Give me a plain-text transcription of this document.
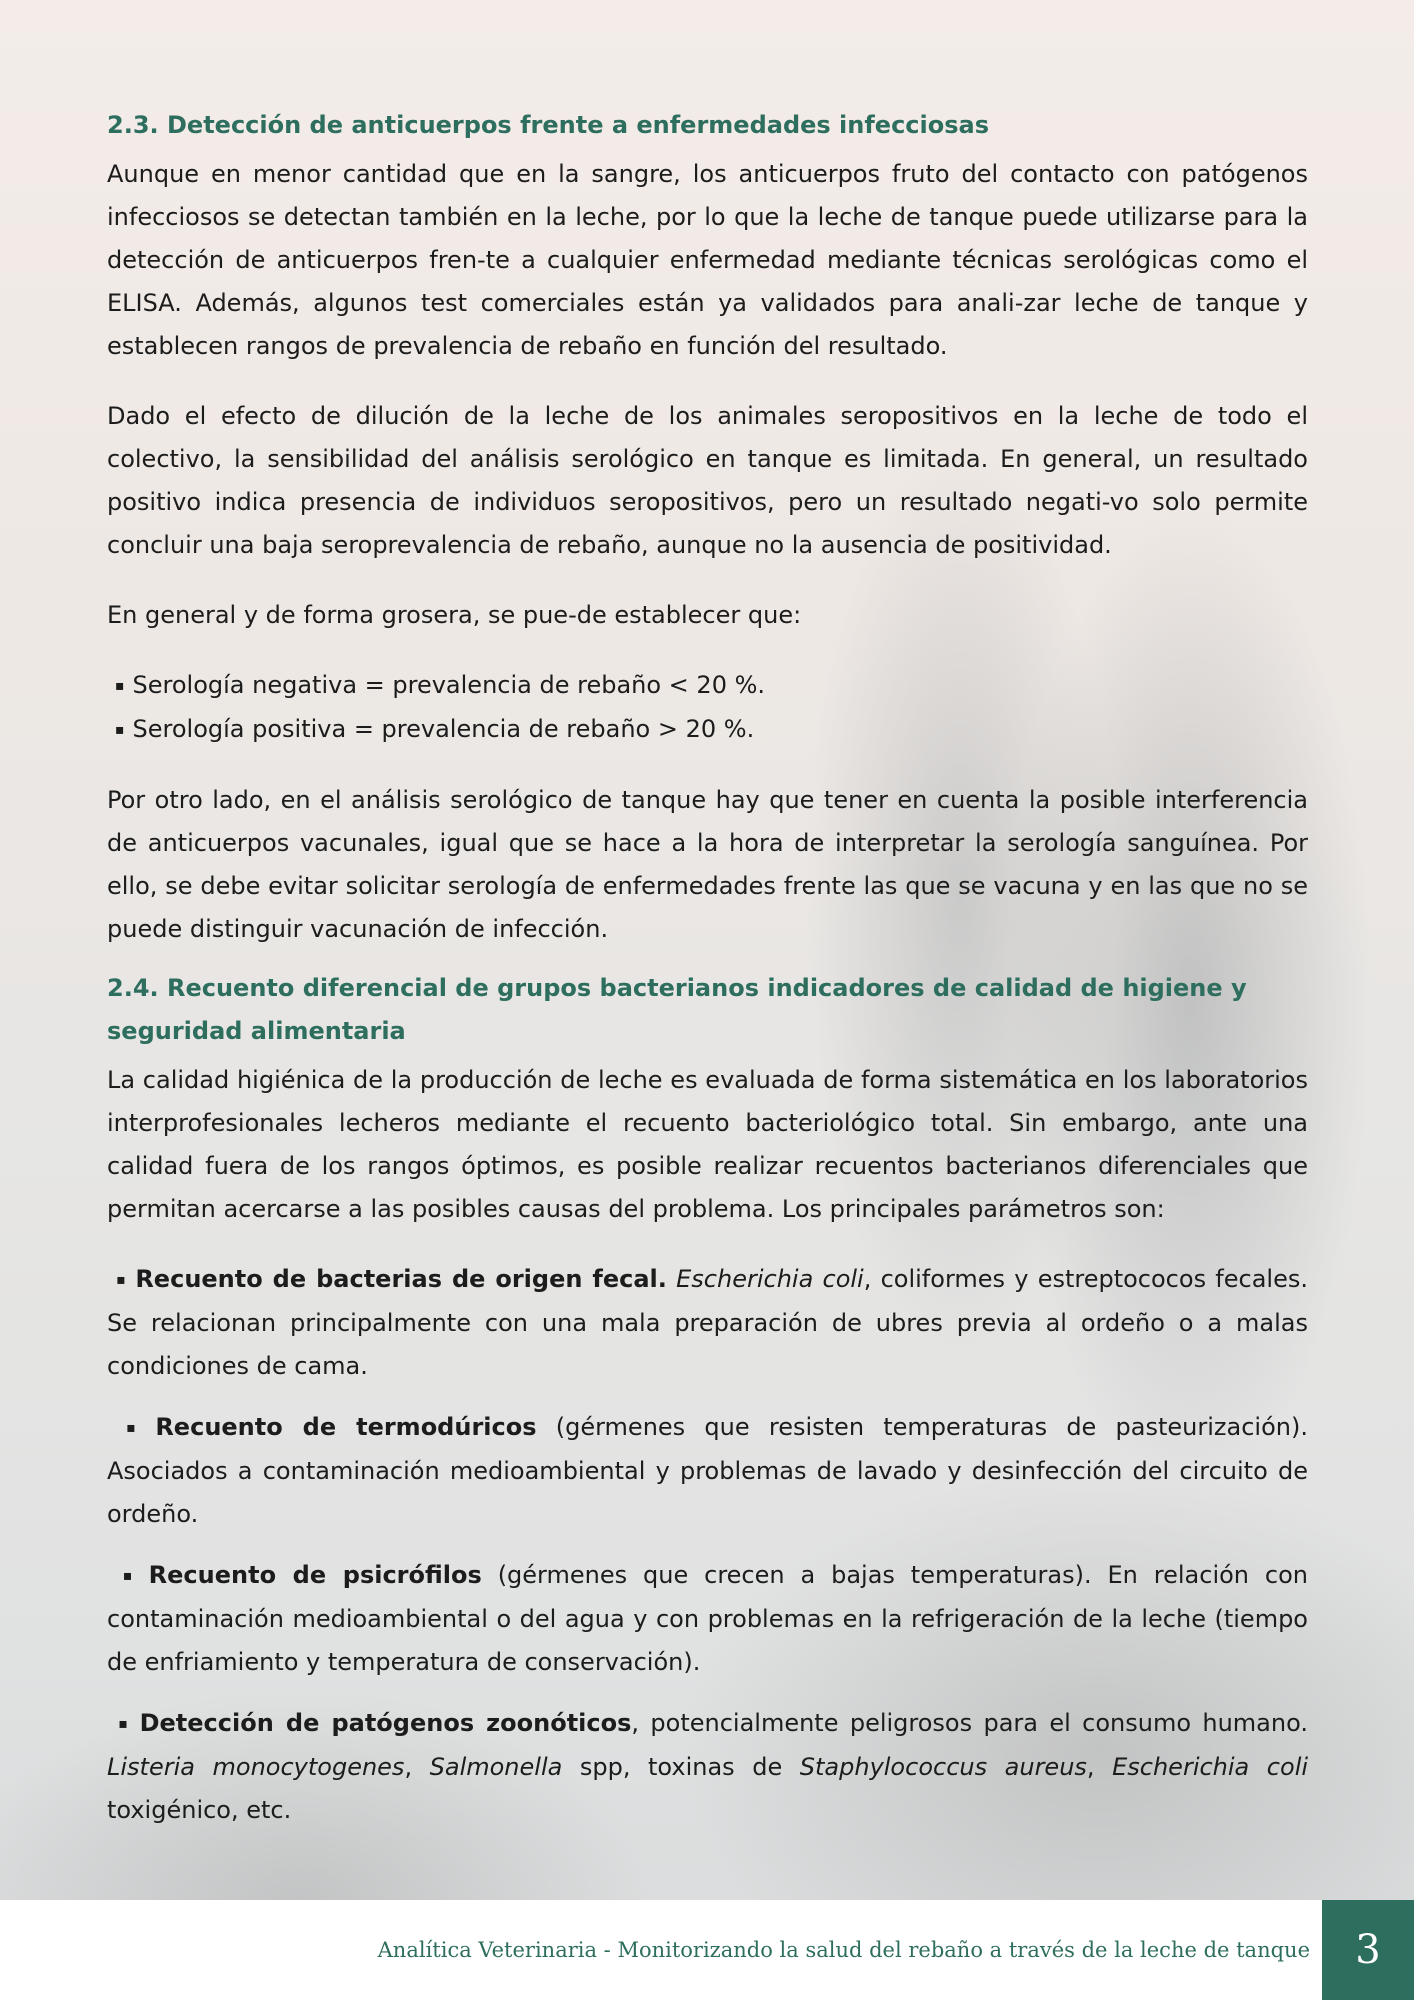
2.3. Detección de anticuerpos frente a enfermedades infecciosas

Aunque en menor cantidad que en la sangre, los anticuerpos fruto del contacto con patógenos infecciosos se detectan también en la leche, por lo que la leche de tanque puede utilizarse para la detección de anticuerpos fren-te a cualquier enfermedad mediante técnicas serológicas como el ELISA. Además, algunos test comerciales están ya validados para anali-zar leche de tanque y establecen rangos de prevalencia de rebaño en función del resultado.

Dado el efecto de dilución de la leche de los animales seropositivos en la leche de todo el colectivo, la sensibilidad del análisis serológico en tanque es limitada. En general, un resultado positivo indica presencia de individuos seropositivos, pero un resultado negati-vo solo permite concluir una baja seroprevalencia de rebaño, aunque no la ausencia de positividad.

En general y de forma grosera, se pue-de establecer que:

▪ Serología negativa = prevalencia de rebaño < 20 %.
▪ Serología positiva = prevalencia de rebaño > 20 %.

Por otro lado, en el análisis serológico de tanque hay que tener en cuenta la posible interferencia de anticuerpos vacunales, igual que se hace a la hora de interpretar la serología sanguínea. Por ello, se debe evitar solicitar serología de enfermedades frente las que se vacuna y en las que no se puede distinguir vacunación de infección.

2.4. Recuento diferencial de grupos bacterianos indicadores de calidad de higiene y seguridad alimentaria

La calidad higiénica de la producción de leche es evaluada de forma sistemática en los laboratorios interprofesionales lecheros mediante el recuento bacteriológico total. Sin embargo, ante una calidad fuera de los rangos óptimos, es posible realizar recuentos bacterianos diferenciales que permitan acercarse a las posibles causas del problema. Los principales parámetros son:

▪ Recuento de bacterias de origen fecal. Escherichia coli, coliformes y estreptococos fecales. Se relacionan principalmente con una mala preparación de ubres previa al ordeño o a malas condiciones de cama.

▪ Recuento de termodúricos (gérmenes que resisten temperaturas de pasteurización). Asociados a contaminación medioambiental y problemas de lavado y desinfección del circuito de ordeño.

▪ Recuento de psicrófilos (gérmenes que crecen a bajas temperaturas). En relación con contaminación medioambiental o del agua y con problemas en la refrigeración de la leche (tiempo de enfriamiento y temperatura de conservación).

▪ Detección de patógenos zoonóticos, potencialmente peligrosos para el consumo humano. Listeria monocytogenes, Salmonella spp, toxinas de Staphylococcus aureus, Escherichia coli toxigénico, etc.

Analítica Veterinaria - Monitorizando la salud del rebaño a través de la leche de tanque	3
